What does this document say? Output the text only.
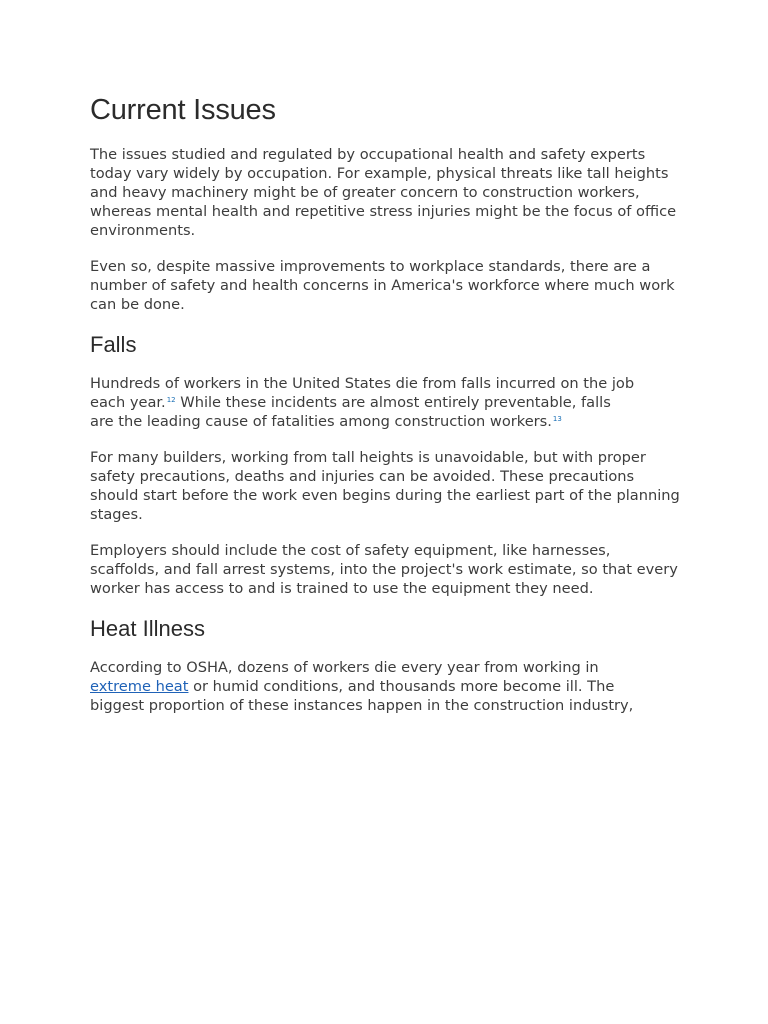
Current Issues

The issues studied and regulated by occupational health and safety experts today vary widely by occupation. For example, physical threats like tall heights and heavy machinery might be of greater concern to construction workers, whereas mental health and repetitive stress injuries might be the focus of office environments.

Even so, despite massive improvements to workplace standards, there are a number of safety and health concerns in America's workforce where much work can be done.

Falls

Hundreds of workers in the United States die from falls incurred on the job each year.$^{12}$ While these incidents are almost entirely preventable, falls are the leading cause of fatalities among construction workers.$^{13}$

For many builders, working from tall heights is unavoidable, but with proper safety precautions, deaths and injuries can be avoided. These precautions should start before the work even begins during the earliest part of the planning stages.

Employers should include the cost of safety equipment, like harnesses, scaffolds, and fall arrest systems, into the project's work estimate, so that every worker has access to and is trained to use the equipment they need.

Heat Illness

According to OSHA, dozens of workers die every year from working in extreme heat or humid conditions, and thousands more become ill. The biggest proportion of these instances happen in the construction industry,
